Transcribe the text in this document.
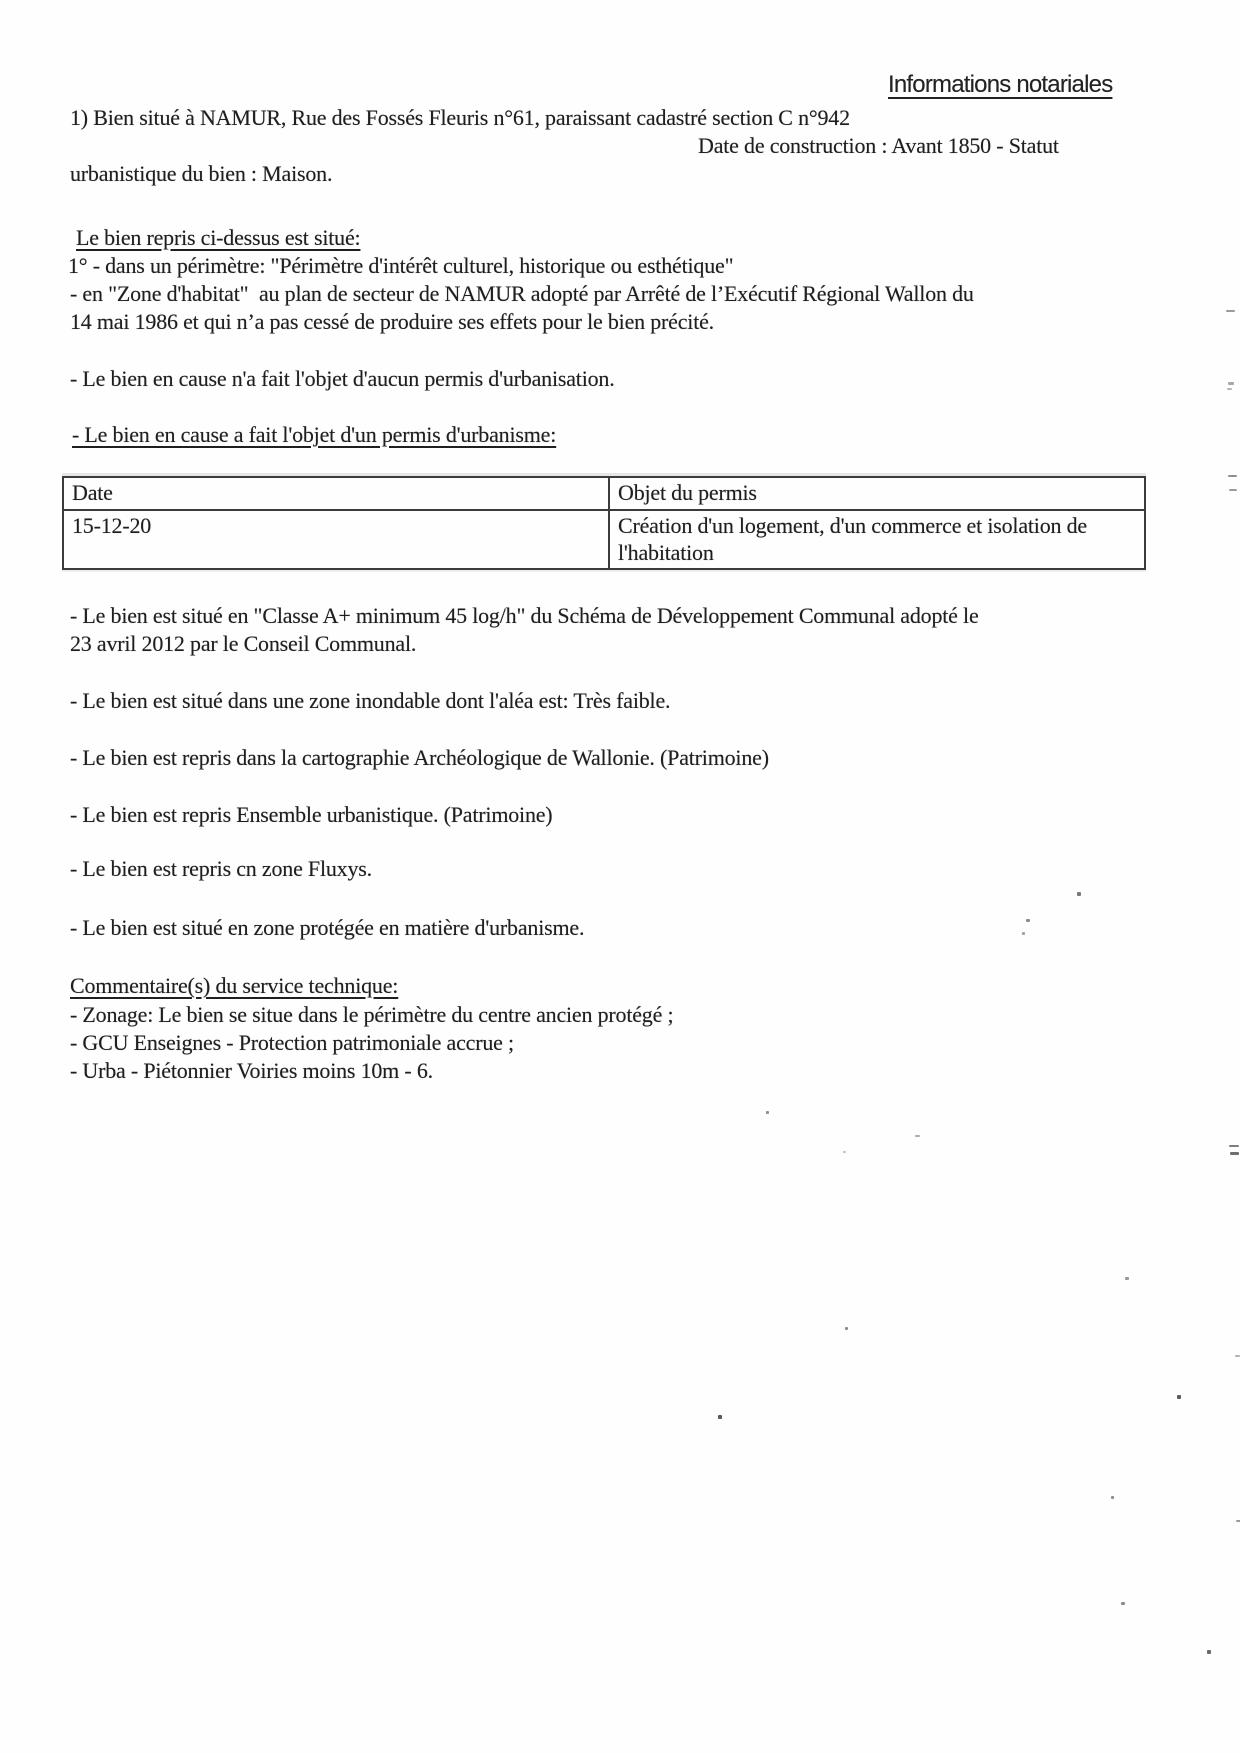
Informations notariales
1) Bien situé à NAMUR, Rue des Fossés Fleuris n°61, paraissant cadastré section C n°942
Date de construction : Avant 1850 - Statut
urbanistique du bien : Maison.
Le bien repris ci-dessus est situé:
1° - dans un périmètre: "Périmètre d'intérêt culturel, historique ou esthétique"
- en "Zone d'habitat"  au plan de secteur de NAMUR adopté par Arrêté de l’Exécutif Régional Wallon du
14 mai 1986 et qui n’a pas cessé de produire ses effets pour le bien précité.
- Le bien en cause n'a fait l'objet d'aucun permis d'urbanisation.
- Le bien en cause a fait l'objet d'un permis d'urbanisme:
Date	Objet du permis
15-12-20	Création d'un logement, d'un commerce et isolation de l'habitation
- Le bien est situé en "Classe A+ minimum 45 log/h" du Schéma de Développement Communal adopté le
23 avril 2012 par le Conseil Communal.
- Le bien est situé dans une zone inondable dont l'aléa est: Très faible.
- Le bien est repris dans la cartographie Archéologique de Wallonie. (Patrimoine)
- Le bien est repris Ensemble urbanistique. (Patrimoine)
- Le bien est repris cn zone Fluxys.
- Le bien est situé en zone protégée en matière d'urbanisme.
Commentaire(s) du service technique:
- Zonage: Le bien se situe dans le périmètre du centre ancien protégé ;
- GCU Enseignes - Protection patrimoniale accrue ;
- Urba - Piétonnier Voiries moins 10m - 6.
